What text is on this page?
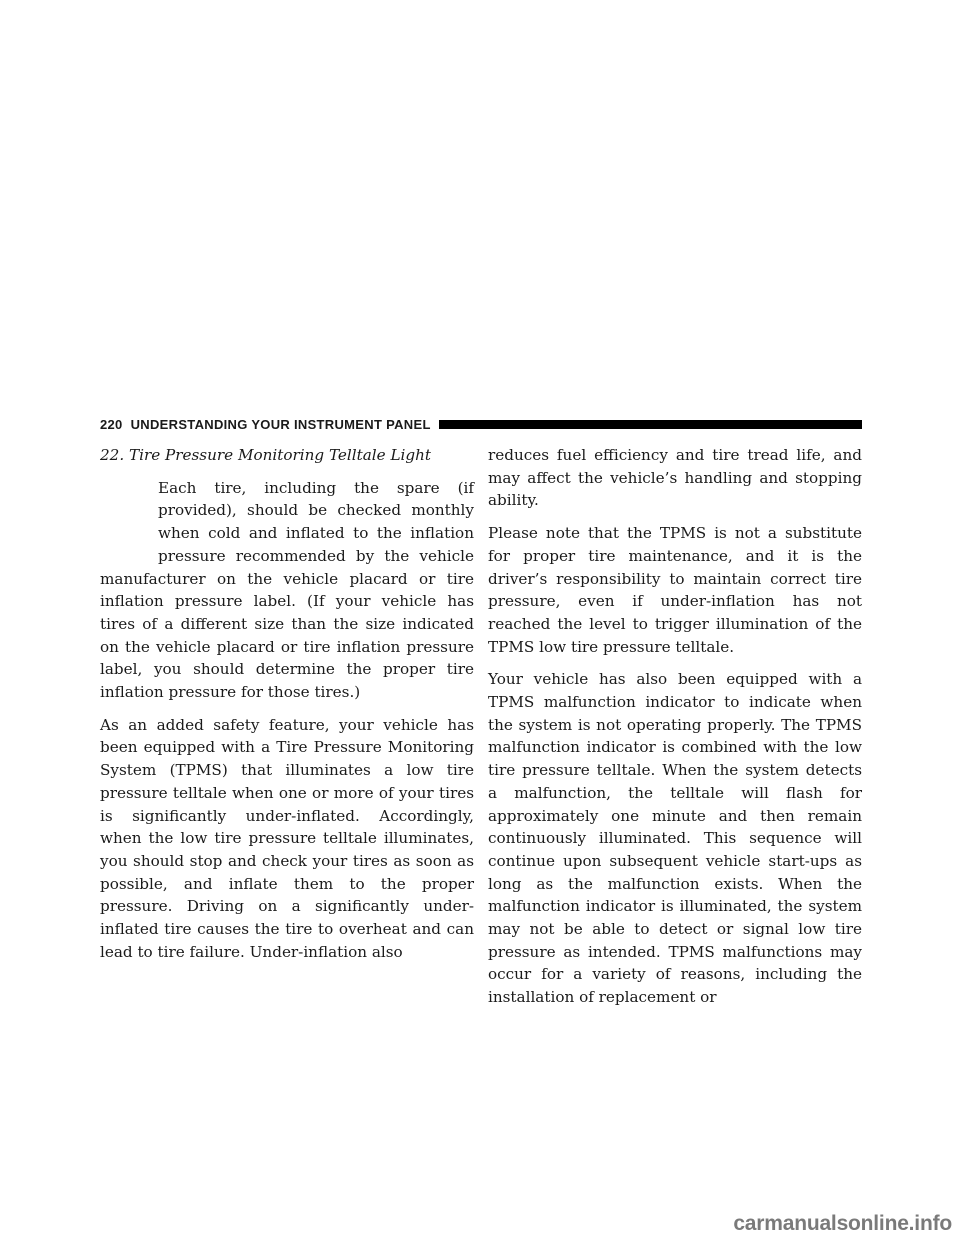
220 UNDERSTANDING YOUR INSTRUMENT PANEL

22. Tire Pressure Monitoring Telltale Light

Each tire, including the spare (if provided), should be checked monthly when cold and inflated to the inflation pressure recommended by the vehicle manufacturer on the vehicle placard or tire inflation pressure label. (If your vehicle has tires of a different size than the size indicated on the vehicle placard or tire inflation pressure label, you should determine the proper tire inflation pressure for those tires.)

As an added safety feature, your vehicle has been equipped with a Tire Pressure Monitoring System (TPMS) that illuminates a low tire pressure telltale when one or more of your tires is significantly under-inflated. Accordingly, when the low tire pressure telltale illuminates, you should stop and check your tires as soon as possible, and inflate them to the proper pressure. Driving on a significantly under-inflated tire causes the tire to overheat and can lead to tire failure. Under-inflation also

reduces fuel efficiency and tire tread life, and may affect the vehicle’s handling and stopping ability.

Please note that the TPMS is not a substitute for proper tire maintenance, and it is the driver’s responsibility to maintain correct tire pressure, even if under-inflation has not reached the level to trigger illumination of the TPMS low tire pressure telltale.

Your vehicle has also been equipped with a TPMS malfunction indicator to indicate when the system is not operating properly. The TPMS malfunction indicator is combined with the low tire pressure telltale. When the system detects a malfunction, the telltale will flash for approximately one minute and then remain continuously illuminated. This sequence will continue upon subsequent vehicle start-ups as long as the malfunction exists. When the malfunction indicator is illuminated, the system may not be able to detect or signal low tire pressure as intended. TPMS malfunctions may occur for a variety of reasons, including the installation of replacement or

carmanualsonline.info
